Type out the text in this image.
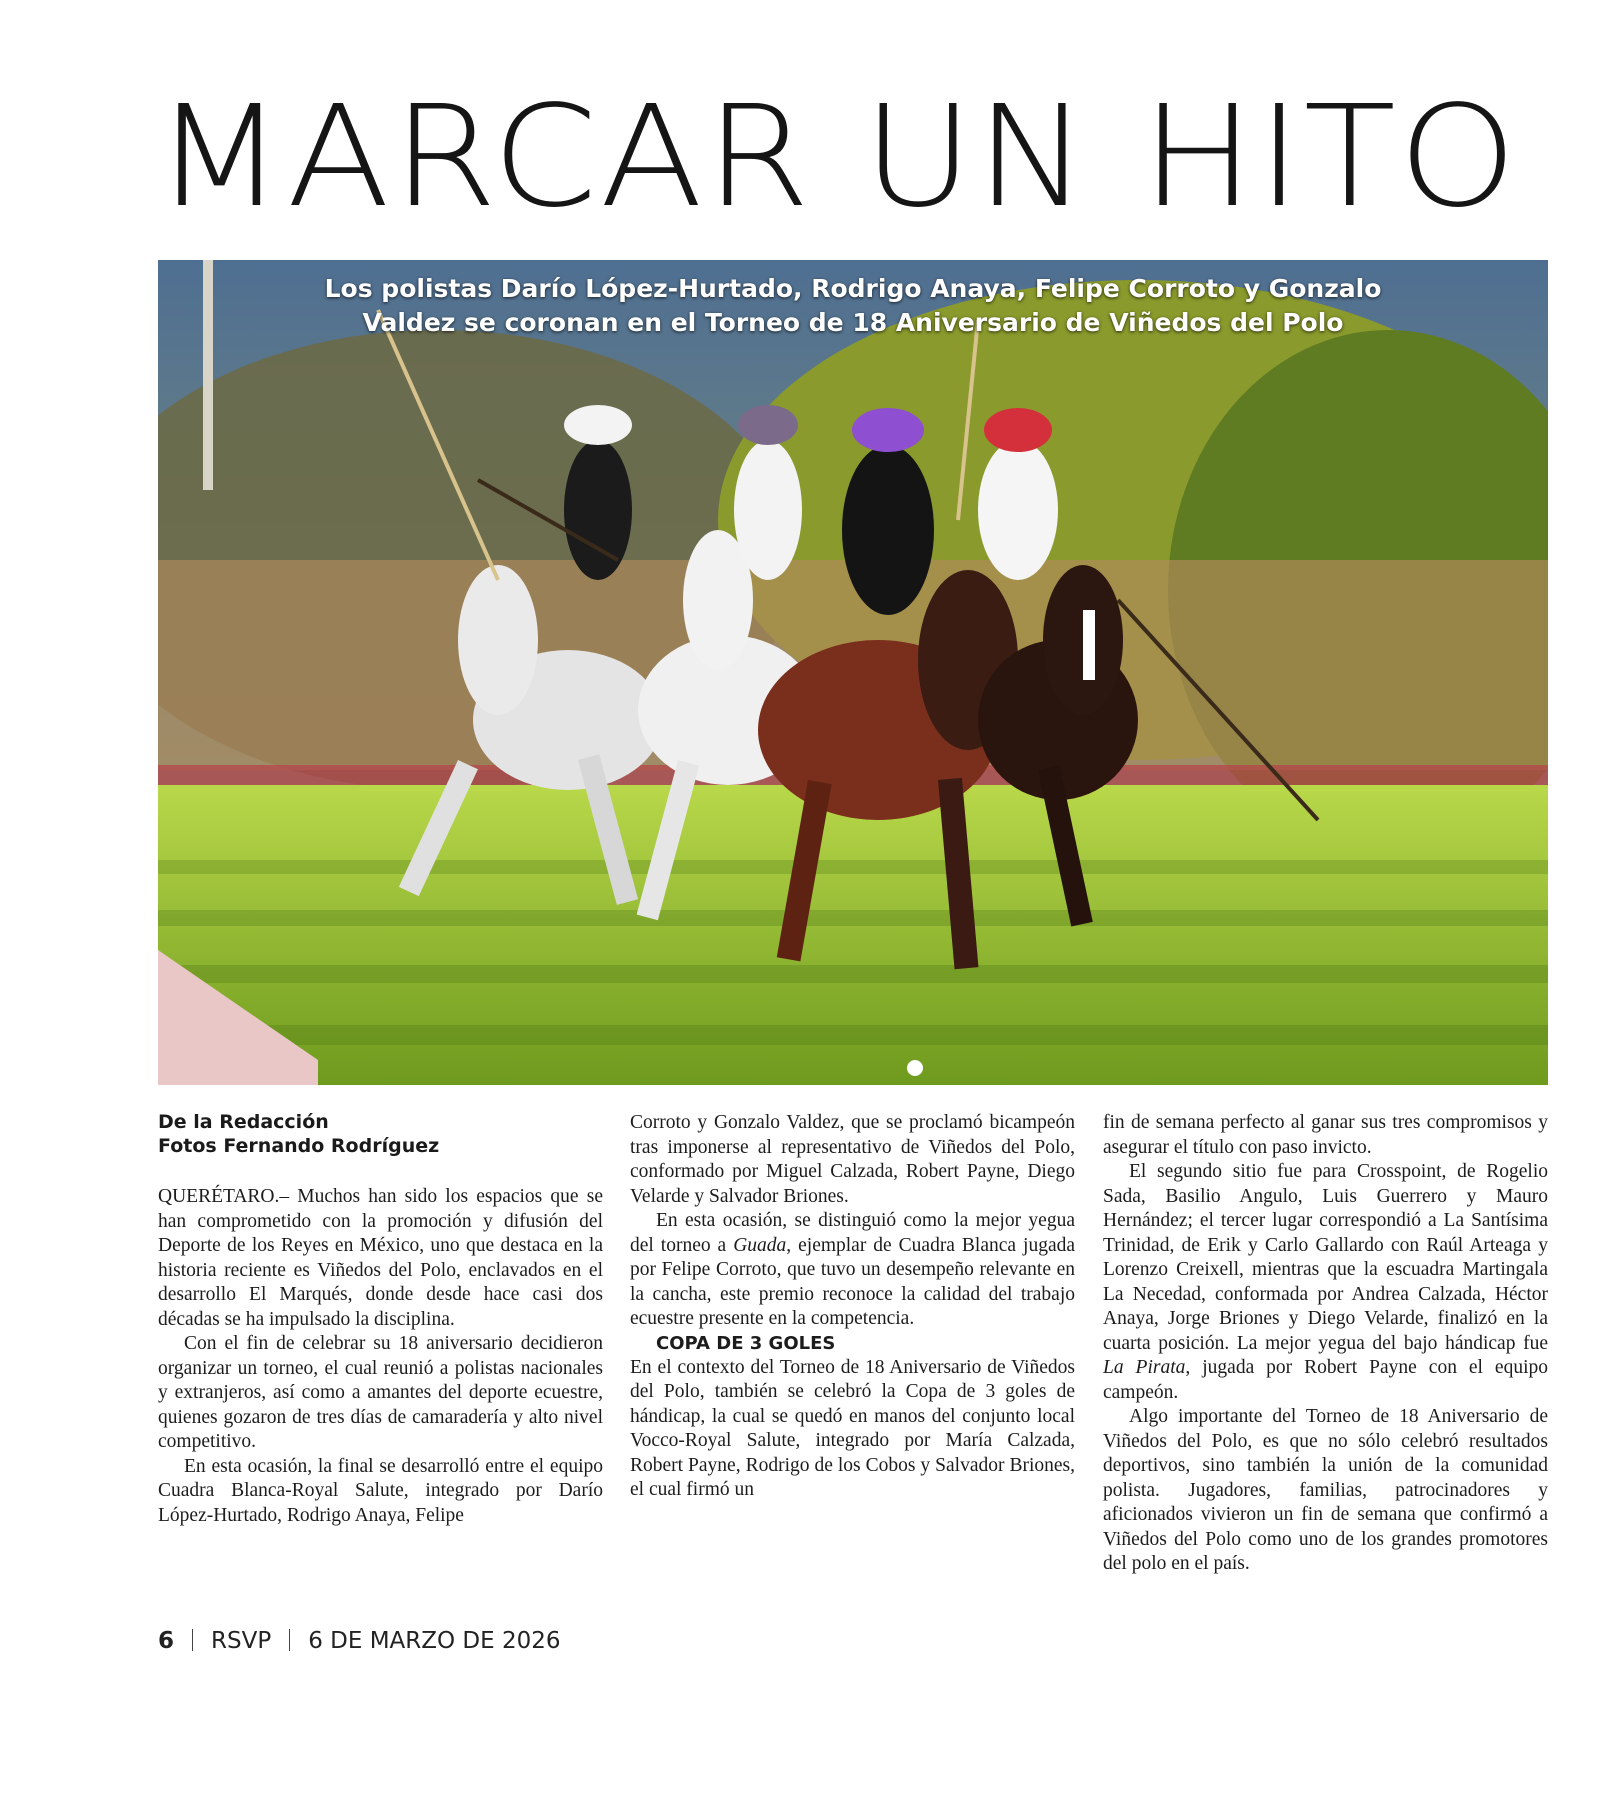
MARCAR UN HITO
Los polistas Darío López-Hurtado, Rodrigo Anaya, Felipe Corroto y Gonzalo
Valdez se coronan en el Torneo de 18 Aniversario de Viñedos del Polo
De la Redacción
Fotos Fernando Rodríguez

QUERÉTARO.– Muchos han sido los espacios que se han comprometido con la promoción y difusión del Deporte de los Reyes en México, uno que destaca en la historia reciente es Viñedos del Polo, enclavados en el desarrollo El Marqués, donde desde hace casi dos décadas se ha impulsado la disciplina.

Con el fin de celebrar su 18 aniversario decidieron organizar un torneo, el cual reunió a polistas nacionales y extranjeros, así como a amantes del deporte ecuestre, quienes gozaron de tres días de camaradería y alto nivel competitivo.

En esta ocasión, la final se desarrolló entre el equipo Cuadra Blanca-Royal Salute, integrado por Darío López-Hurtado, Rodrigo Anaya, Felipe

Corroto y Gonzalo Valdez, que se proclamó bicampeón tras imponerse al representativo de Viñedos del Polo, conformado por Miguel Calzada, Robert Payne, Diego Velarde y Salvador Briones.

En esta ocasión, se distinguió como la mejor yegua del torneo a Guada, ejemplar de Cuadra Blanca jugada por Felipe Corroto, que tuvo un desempeño relevante en la cancha, este premio reconoce la calidad del trabajo ecuestre presente en la competencia.

COPA DE 3 GOLES

En el contexto del Torneo de 18 Aniversario de Viñedos del Polo, también se celebró la Copa de 3 goles de hándicap, la cual se quedó en manos del conjunto local Vocco-Royal Salute, integrado por María Calzada, Robert Payne, Rodrigo de los Cobos y Salvador Briones, el cual firmó un

fin de semana perfecto al ganar sus tres compromisos y asegurar el título con paso invicto.

El segundo sitio fue para Crosspoint, de Rogelio Sada, Basilio Angulo, Luis Guerrero y Mauro Hernández; el tercer lugar correspondió a La Santísima Trinidad, de Erik y Carlo Gallardo con Raúl Arteaga y Lorenzo Creixell, mientras que la escuadra Martingala La Necedad, conformada por Andrea Calzada, Héctor Anaya, Jorge Briones y Diego Velarde, finalizó en la cuarta posición. La mejor yegua del bajo hándicap fue La Pirata, jugada por Robert Payne con el equipo campeón.

Algo importante del Torneo de 18 Aniversario de Viñedos del Polo, es que no sólo celebró resultados deportivos, sino también la unión de la comunidad polista. Jugadores, familias, patrocinadores y aficionados vivieron un fin de semana que confirmó a Viñedos del Polo como uno de los grandes promotores del polo en el país.

6 RSVP 6 DE MARZO DE 2026
